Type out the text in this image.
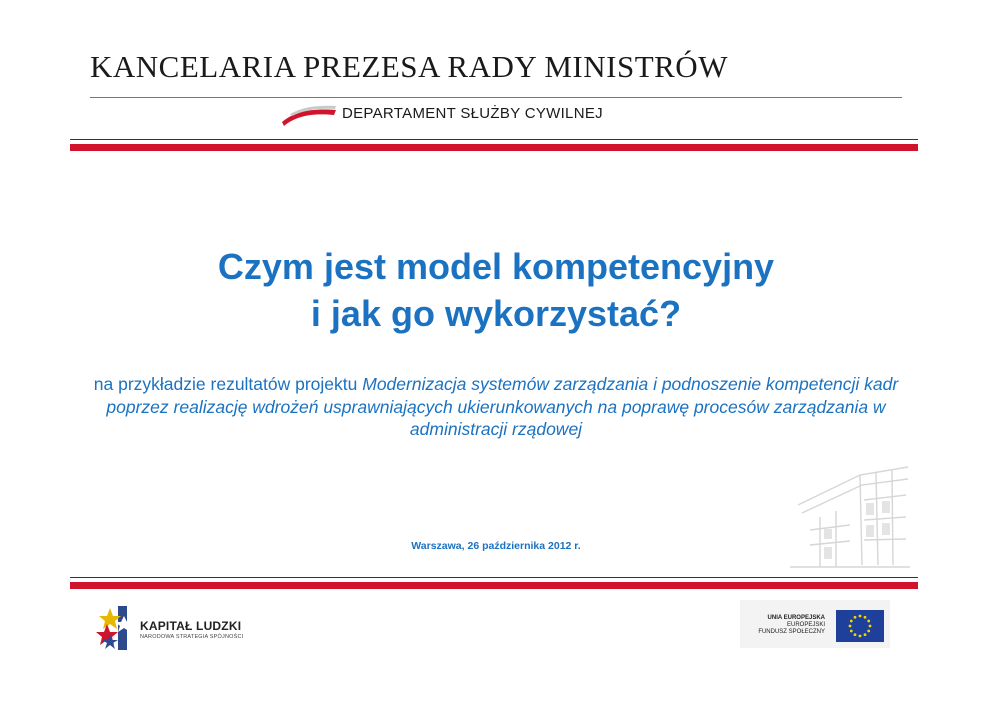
KANCELARIA PREZESA RADY MINISTRÓW
DEPARTAMENT SŁUŻBY CYWILNEJ
Czym jest model kompetencyjny
i jak go wykorzystać?
na przykładzie rezultatów projektu Modernizacja systemów zarządzania i podnoszenie kompetencji kadr poprzez realizację wdrożeń usprawniających ukierunkowanych na poprawę procesów zarządzania w administracji rządowej
Warszawa, 26 października 2012 r.
KAPITAŁ LUDZKI
NARODOWA STRATEGIA SPÓJNOŚCI
UNIA EUROPEJSKA
EUROPEJSKI
FUNDUSZ SPOŁECZNY
